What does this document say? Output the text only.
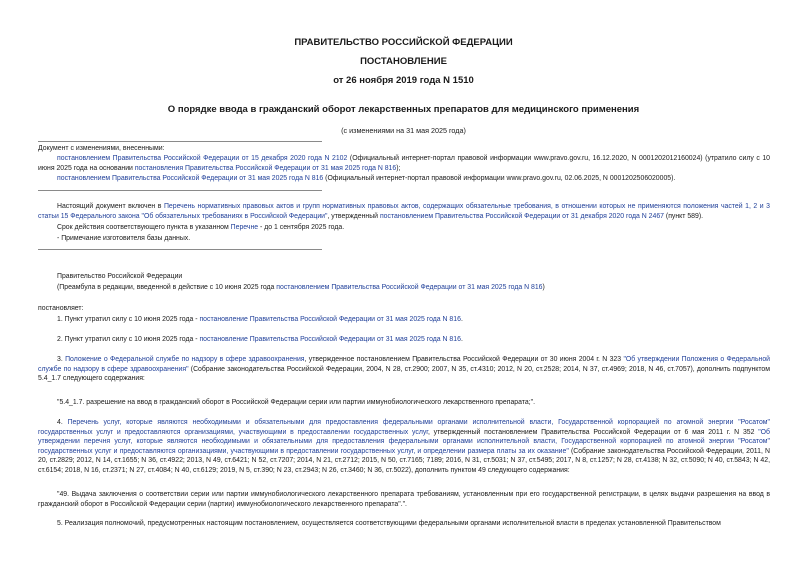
ПРАВИТЕЛЬСТВО РОССИЙСКОЙ ФЕДЕРАЦИИ
ПОСТАНОВЛЕНИЕ
от 26 ноября 2019 года N 1510
О порядке ввода в гражданский оборот лекарственных препаратов для медицинского применения
(с изменениями на 31 мая 2025 года)
Документ с изменениями, внесенными:
постановлением Правительства Российской Федерации от 15 декабря 2020 года N 2102 (Официальный интернет-портал правовой информации www.pravo.gov.ru, 16.12.2020, N 0001202012160024) (утратило силу с 10 июня 2025 года на основании постановления Правительства Российской Федерации от 31 мая 2025 года N 816);
постановлением Правительства Российской Федерации от 31 мая 2025 года N 816 (Официальный интернет-портал правовой информации www.pravo.gov.ru, 02.06.2025, N 0001202506020005).
Настоящий документ включен в Перечень нормативных правовых актов и групп нормативных правовых актов, содержащих обязательные требования, в отношении которых не применяются положения частей 1, 2 и 3 статьи 15 Федерального закона "Об обязательных требованиях в Российской Федерации", утвержденный постановлением Правительства Российской Федерации от 31 декабря 2020 года N 2467 (пункт 589).
Срок действия соответствующего пункта в указанном Перечне - до 1 сентября 2025 года.
- Примечание изготовителя базы данных.
Правительство Российской Федерации
(Преамбула в редакции, введенной в действие с 10 июня 2025 года постановлением Правительства Российской Федерации от 31 мая 2025 года N 816)
постановляет:
1. Пункт утратил силу с 10 июня 2025 года - постановление Правительства Российской Федерации от 31 мая 2025 года N 816.
2. Пункт утратил силу с 10 июня 2025 года - постановление Правительства Российской Федерации от 31 мая 2025 года N 816.
3. Положение о Федеральной службе по надзору в сфере здравоохранения, утвержденное постановлением Правительства Российской Федерации от 30 июня 2004 г. N 323 "Об утверждении Положения о Федеральной службе по надзору в сфере здравоохранения" (Собрание законодательства Российской Федерации, 2004, N 28, ст.2900; 2007, N 35, ст.4310; 2012, N 20, ст.2528; 2014, N 37, ст.4969; 2018, N 46, ст.7057), дополнить подпунктом 5.4_1.7 следующего содержания:
"5.4_1.7. разрешение на ввод в гражданский оборот в Российской Федерации серии или партии иммунобиологического лекарственного препарата;".
4. Перечень услуг, которые являются необходимыми и обязательными для предоставления федеральными органами исполнительной власти, Государственной корпорацией по атомной энергии "Росатом" государственных услуг и предоставляются организациями, участвующими в предоставлении государственных услуг, утвержденный постановлением Правительства Российской Федерации от 6 мая 2011 г. N 352 "Об утверждении перечня услуг, которые являются необходимыми и обязательными для предоставления федеральными органами исполнительной власти, Государственной корпорацией по атомной энергии "Росатом" государственных услуг и предоставляются организациями, участвующими в предоставлении государственных услуг, и определении размера платы за их оказание" (Собрание законодательства Российской Федерации, 2011, N 20, ст.2829; 2012, N 14, ст.1655; N 36, ст.4922; 2013, N 49, ст.6421; N 52, ст.7207; 2014, N 21, ст.2712; 2015, N 50, ст.7165; 7189; 2016, N 31, ст.5031; N 37, ст.5495; 2017, N 8, ст.1257; N 28, ст.4138; N 32, ст.5090; N 40, ст.5843; N 42, ст.6154; 2018, N 16, ст.2371; N 27, ст.4084; N 40, ст.6129; 2019, N 5, ст.390; N 23, ст.2943; N 26, ст.3460; N 36, ст.5022), дополнить пунктом 49 следующего содержания:
"49. Выдача заключения о соответствии серии или партии иммунобиологического лекарственного препарата требованиям, установленным при его государственной регистрации, в целях выдачи разрешения на ввод в гражданский оборот в Российской Федерации серии (партии) иммунобиологического лекарственного препарата".".
5. Реализация полномочий, предусмотренных настоящим постановлением, осуществляется соответствующими федеральными органами исполнительной власти в пределах установленной Правительством
